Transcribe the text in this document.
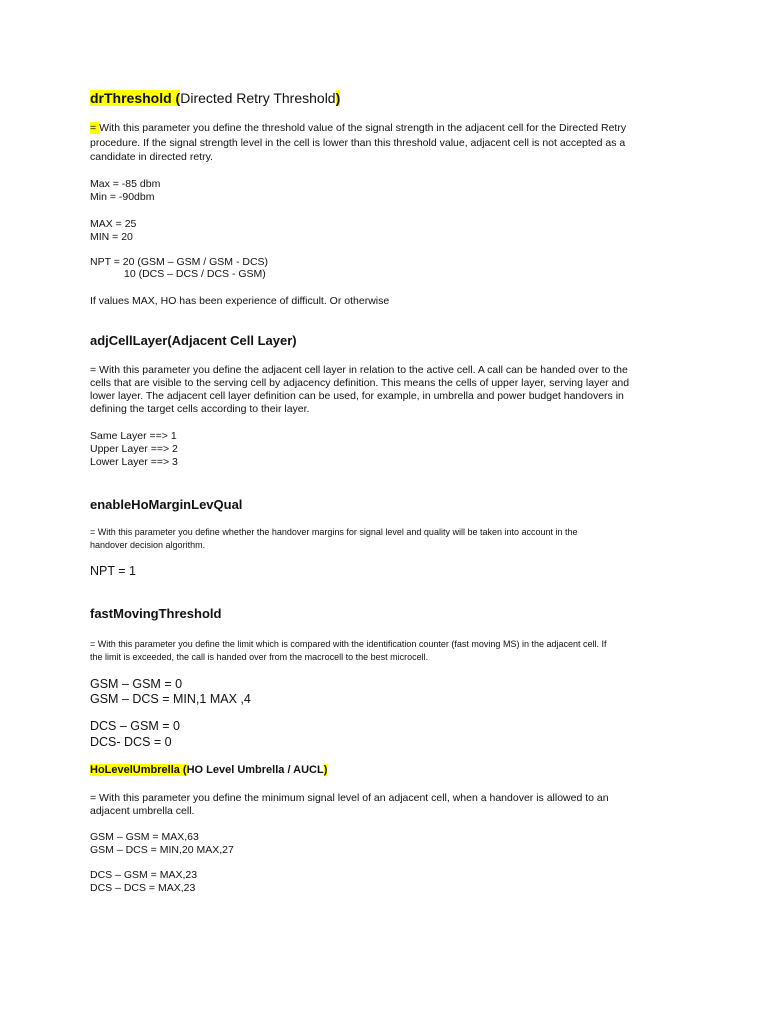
drThreshold (Directed Retry Threshold)
= With this parameter you define the threshold value of the signal strength in the adjacent cell for the Directed Retry
procedure. If the signal strength level in the cell is lower than this threshold value, adjacent cell is not accepted as a
candidate in directed retry.
Max = -85 dbm
Min = -90dbm
MAX = 25
MIN = 20
NPT = 20 (GSM – GSM / GSM - DCS)
10 (DCS – DCS / DCS - GSM)
If values MAX, HO has been experience of difficult. Or otherwise
adjCellLayer(Adjacent Cell Layer)
= With this parameter you define the adjacent cell layer in relation to the active cell. A call can be handed over to the
cells that are visible to the serving cell by adjacency definition. This means the cells of upper layer, serving layer and
lower layer. The adjacent cell layer definition can be used, for example, in umbrella and power budget handovers in
defining the target cells according to their layer.
Same Layer ==> 1
Upper Layer ==> 2
Lower Layer ==> 3
enableHoMarginLevQual
= With this parameter you define whether the handover margins for signal level and quality will be taken into account in the
handover decision algorithm.
NPT = 1
fastMovingThreshold
= With this parameter you define the limit which is compared with the identification counter (fast moving MS) in the adjacent cell. If
the limit is exceeded, the call is handed over from the macrocell to the best microcell.
GSM – GSM = 0
GSM – DCS = MIN,1 MAX ,4
DCS – GSM = 0
DCS- DCS = 0
HoLevelUmbrella (HO Level Umbrella / AUCL)
= With this parameter you define the minimum signal level of an adjacent cell, when a handover is allowed to an
adjacent umbrella cell.
GSM – GSM = MAX,63
GSM – DCS = MIN,20 MAX,27
DCS – GSM = MAX,23
DCS – DCS = MAX,23
